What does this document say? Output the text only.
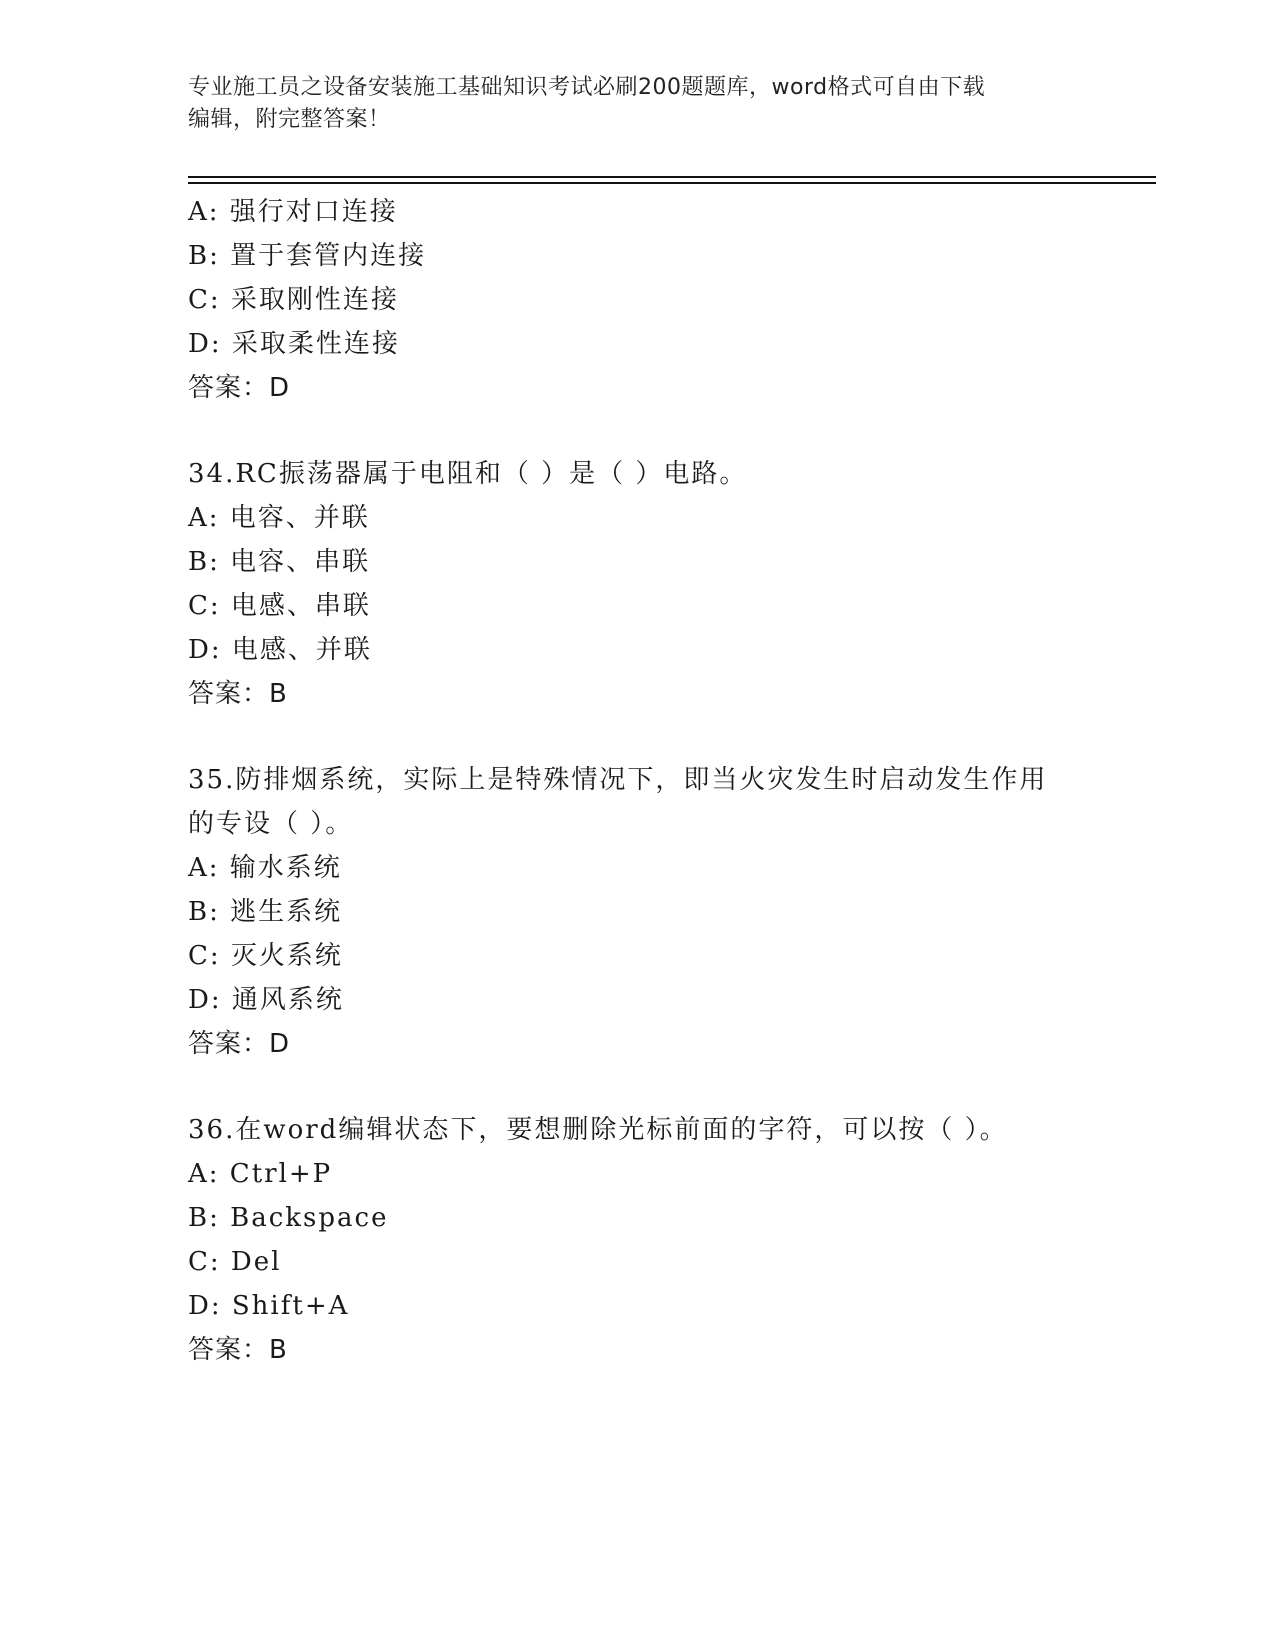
专业施工员之设备安装施工基础知识考试必刷200题题库，word格式可自由下载
编辑，附完整答案！
A: 强行对口连接
B: 置于套管内连接
C: 采取刚性连接
D: 采取柔性连接
答案：D
34.RC振荡器属于电阻和（ ）是（ ）电路。
A: 电容、并联
B: 电容、串联
C: 电感、串联
D: 电感、并联
答案：B
35.防排烟系统，实际上是特殊情况下，即当火灾发生时启动发生作用
的专设（ ）。
A: 输水系统
B: 逃生系统
C: 灭火系统
D: 通风系统
答案：D
36.在word编辑状态下，要想删除光标前面的字符，可以按（ ）。
A: Ctrl+P
B: Backspace
C: Del
D: Shift+A
答案：B
